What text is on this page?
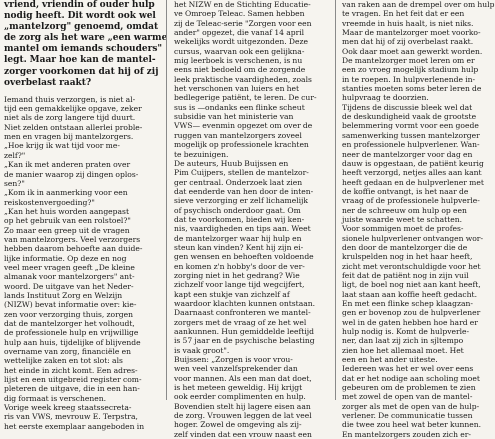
vriend, vriendin of ouder hulp
nodig heeft. Dit wordt ook wel
„mantelzorg" genoemd, omdat
de zorg als het ware „een warme
mantel om iemands schouders"
legt. Maar hoe kan de mantel-
zorger voorkomen dat hij of zij
overbelast raakt?
Iemand thuis verzorgen, is niet al-
tijd een gemakkelijke opgave, zeker
niet als de zorg langere tijd duurt.
Niet zelden ontstaan allerlei proble-
men en vragen bij mantelzorgers.
„Hoe krijg ik wat tijd voor me-
zelf?"
„Kan ik met anderen praten over
de manier waarop zij dingen oplos-
sen?"
„Kom ik in aanmerking voor een
reiskostenvergoeding?"
„Kan het huis worden aangepast
op het gebruik van een rolstoel?"
Zo maar een greep uit de vragen
van mantelzorgers. Veel verzorgers
hebben daarom behoefte aan duide-
lijke informatie. Op deze en nog
veel meer vragen geeft „De kleine
almanak voor mantelzorgers" ant-
woord. De uitgave van het Neder-
lands Instituut Zorg en Welzijn
(NIZW) bevat informatie over: kie-
zen voor verzorging thuis, zorgen
dat de mantelzorger het volhoudt,
de professionele hulp en vrijwillige
hulp aan huis, tijdelijke of blijvende
overname van zorg, financiële en
wettelijke zaken en tot slot: als
het einde in zicht komt. Een adres-
lijst en een uitgebreid register com-
pleteren de uitgave, die in een han-
dig formaat is verschenen.
Vorige week kreeg staatssecreta-
ris van VWS, mevrouw E. Terpstra,
het eerste exemplaar aangeboden in
het NIZW en de Stichting Educatie-
ve Omroep Teleac. Samen hebben
zij de Teleac-serie "Zorgen voor een
ander" opgezet, die vanaf 14 april
wekelijks wordt uitgezonden. Deze
cursus, waarvan ook een gelijkna-
mig leerboek is verschenen, is nu
eens niet bedoeld om de zorgende
leek praktische vaardigheden, zoals
het verschonen van luiers en het
bedlegerige patiënt, te leren. De cur-
sus is —ondanks een flinke scheut
subsidie van het ministerie van
VWS— evenmin opgezet om over de
ruggen van mantelzorgers zoveel
mogelijk op professionele krachten
te bezuinigen.
De auteurs, Huub Buijssen en
Pim Cuijpers, stellen de mantelzor-
ger centraal. Onderzoek laat zien
dat eenderde van hen door de inten-
sieve verzorging er zelf lichamelijk
of psychisch onderdoor gaat. Om
dat te voorkomen, bieden wij ken-
nis, vaardigheden en tips aan. Weet
de mantelzorger waar hij hulp en
steun kan vinden? Kent hij zijn ei-
gen wensen en behoeften voldoende
en komen z'n hobby's door de ver-
zorging niet in het gedrang? Wie
zichzelf voor lange tijd wegcijfert,
kapt een stukje van zichzelf af
waardoor klachten kunnen ontstaan.
Daarnaast confronteren we mantel-
zorgers met de vraag of ze het wel
aankunnen. Hun gemiddelde leeftijd
is 57 jaar en de psychische belasting
is vaak groot".
Buijssen: „Zorgen is voor vrou-
wen veel vanzelfsprekender dan
voor mannen. Als een man dat doet,
is het meteen geweldig. Hij krijgt
ook eerder complimenten en hulp.
Bovendien stelt hij lagere eisen aan
de zorg. Vrouwen leggen de lat veel
hoger. Zowel de omgeving als zij-
zelf vinden dat een vrouw naast een
van raken aan de drempel over om hulp
te vragen. En het feit dat er een
vreemde in huis haalt, is niet niks.
Maar de mantelzorger moet voorko-
men dat hij of zij overbelast raakt.
Ook daar moet aan gewerkt worden.
De mantelzorger moet leren om er
een zo vroeg mogelijk stadium hulp
in te roepen. In hulpverlenende in-
stanties moeten soms beter leren de
hulpvraag te doorzien.
Tijdens de discussie bleek wel dat
de deskundigheid vaak de grootste
belemmering vormt voor een goede
samenwerking tussen mantelzorger
en professionele hulpverlener. Wan-
neer de mantelzorger voor dag en
dauw is opgestaan, de patiënt keurig
heeft verzorgd, netjes alles aan kant
heeft gedaan en de hulpverlener met
de koffie ontvangt, is het naar de
vraag of de professionele hulpverle-
ner de schreeuw om hulp op een
juiste waarde weet te schatten.
Voor sommigen moet de profes-
sionele hulpverlener ontvangen wor-
den door de mantelzorger die de
krulspelden nog in het haar heeft,
zicht met verontschuldigde voor het
feit dat de patiënt nog in zijn vuil
ligt, de boel nog niet aan kant heeft,
laat staan aan koffie heeft gedacht.
En met een flinke schep klaagzan-
gen er bovenop zou de hulpverlener
wel in de gaten hebben hoe hard er
hulp nodig is. Komt de hulpverle-
ner, dan laat zij zich in sjltempo
zien hoe het allemaal moet. Het
een en het ander uiteste.
Iedereen was het er wel over eens
dat er het nodige aan scholing moet
gebeuren om de problemen te zien
met zowel de open van de mantel-
zorger als met de open van de hulp-
verlener. De communicatie tussen
die twee zou heel wat beter kunnen.
En mantelzorgers zouden zich er-
